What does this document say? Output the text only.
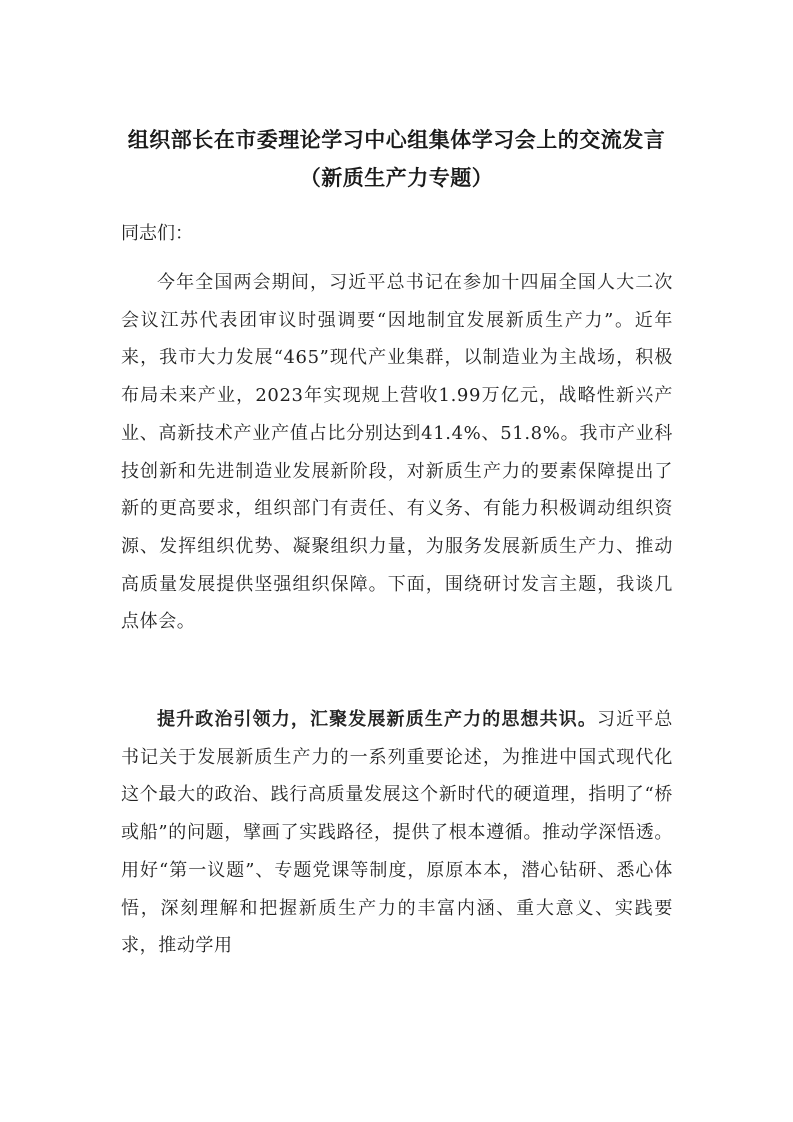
组织部长在市委理论学习中心组集体学习会上的交流发言
（新质生产力专题）

同志们：

今年全国两会期间，习近平总书记在参加十四届全国人大二次会议江苏代表团审议时强调要“因地制宜发展新质生产力”。近年来，我市大力发展“465”现代产业集群，以制造业为主战场，积极布局未来产业，2023年实现规上营收1.99万亿元，战略性新兴产业、高新技术产业产值占比分别达到41.4%、51.8%。我市产业科技创新和先进制造业发展新阶段，对新质生产力的要素保障提出了新的更高要求，组织部门有责任、有义务、有能力积极调动组织资源、发挥组织优势、凝聚组织力量，为服务发展新质生产力、推动高质量发展提供坚强组织保障。下面，围绕研讨发言主题，我谈几点体会。

提升政治引领力，汇聚发展新质生产力的思想共识。习近平总书记关于发展新质生产力的一系列重要论述，为推进中国式现代化这个最大的政治、践行高质量发展这个新时代的硬道理，指明了“桥或船”的问题，擘画了实践路径，提供了根本遵循。推动学深悟透。用好“第一议题”、专题党课等制度，原原本本，潜心钻研、悉心体悟，深刻理解和把握新质生产力的丰富内涵、重大意义、实践要求，推动学用
